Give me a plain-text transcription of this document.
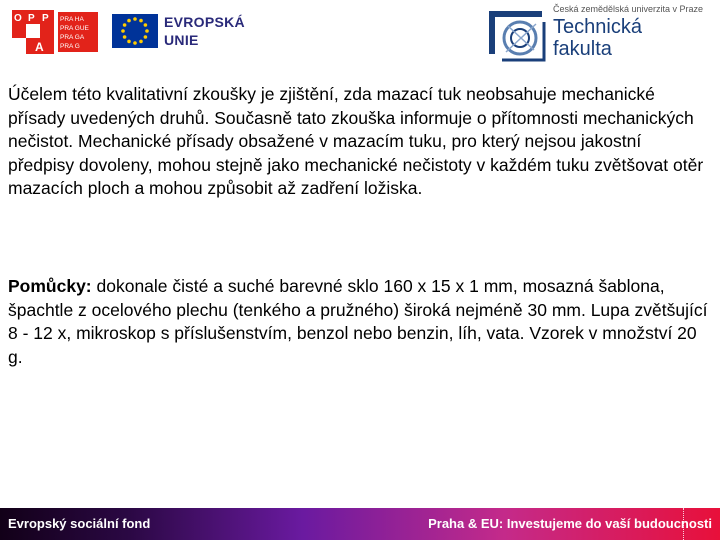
O P P
A
PRA HA
PRA GUE
PRA GA
PRA G
EVROPSKÁ
UNIE
Česká zemědělská univerzita v Praze
Technická
fakulta
Účelem této kvalitativní zkoušky je zjištění, zda mazací tuk neobsahuje mechanické přísady uvedených druhů. Současně tato zkouška informuje o přítomnosti mechanických nečistot. Mechanické přísady obsažené v mazacím tuku, pro který nejsou jakostní předpisy dovoleny, mohou stejně jako mechanické nečistoty v každém tuku zvětšovat otěr mazacích ploch a mohou způsobit až zadření ložiska.
Pomůcky: dokonale čisté a suché barevné sklo 160 x 15 x 1 mm, mosazná šablona, špachtle z ocelového plechu (tenkého a pružného) široká nejméně 30 mm. Lupa zvětšující 8 - 12 x, mikroskop s příslušenstvím, benzol nebo benzin, líh, vata. Vzorek v množství 20 g.
Evropský sociální fond	Praha & EU: Investujeme do vaší budoucnosti
